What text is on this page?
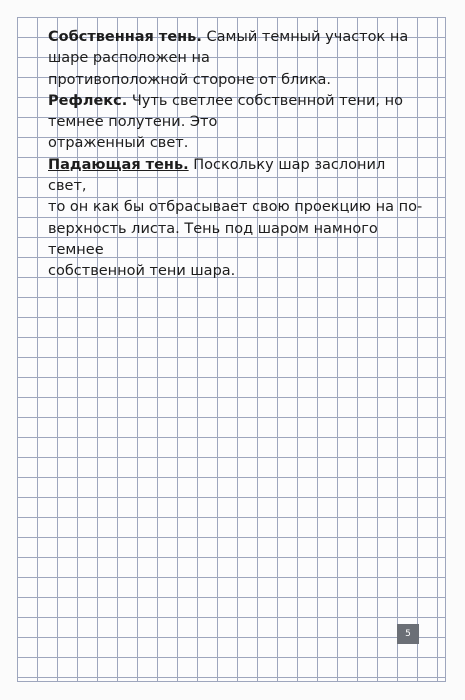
Собственная тень. Самый темный участок на

шаре расположен на

противоположной стороне от блика.

Рефлекс. Чуть светлее собственной тени, но

темнее полутени. Это

отраженный свет.

Падающая тень. Поскольку шар заслонил свет,

то он как бы отбрасывает свою проекцию на по-

верхность листа. Тень под шаром намного темнее

собственной тени шара.

5
